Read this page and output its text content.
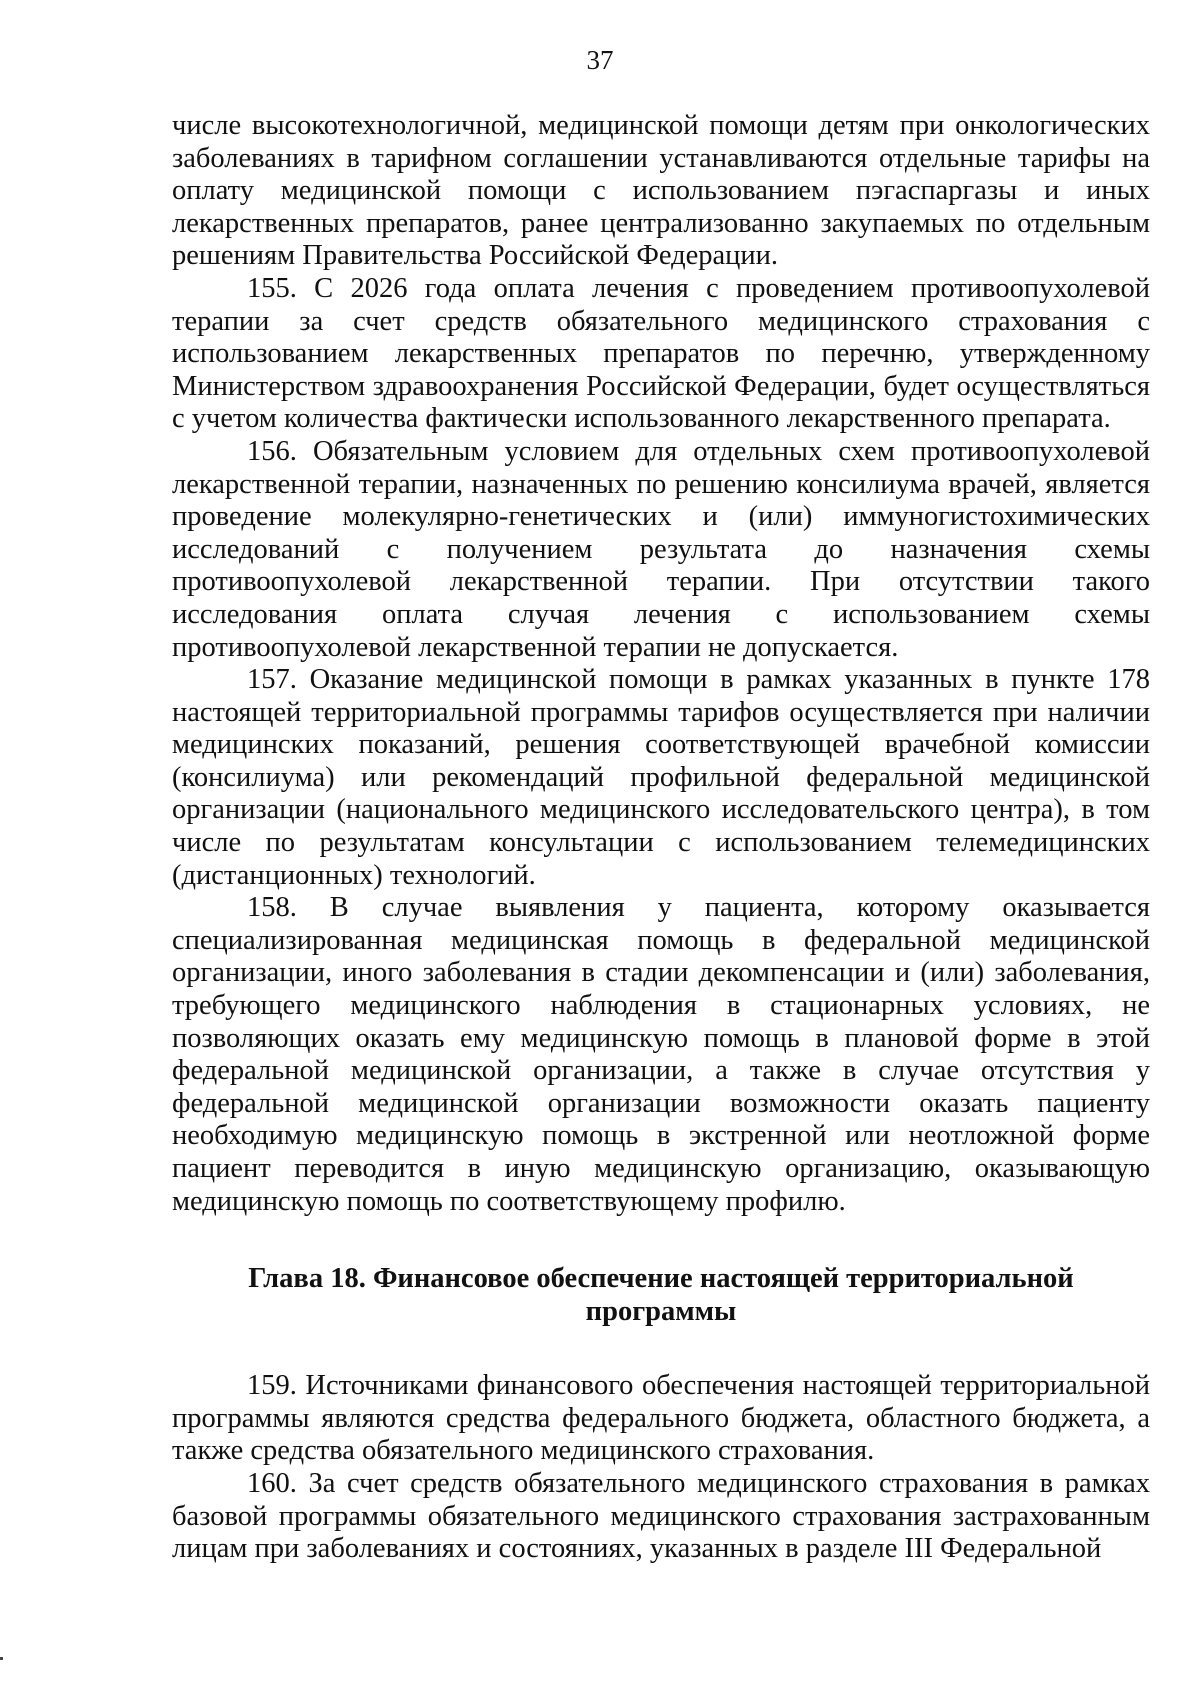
37

числе высокотехнологичной, медицинской помощи детям при онкологических заболеваниях в тарифном соглашении устанавливаются отдельные тарифы на оплату медицинской помощи с использованием пэгаспаргазы и иных лекарственных препаратов, ранее централизованно закупаемых по отдельным решениям Правительства Российской Федерации.

155. С 2026 года оплата лечения с проведением противоопухолевой терапии за счет средств обязательного медицинского страхования с использованием лекарственных препаратов по перечню, утвержденному Министерством здравоохранения Российской Федерации, будет осуществляться с учетом количества фактически использованного лекарственного препарата.

156. Обязательным условием для отдельных схем противоопухолевой лекарственной терапии, назначенных по решению консилиума врачей, является проведение молекулярно-генетических и (или) иммуногистохимических исследований с получением результата до назначения схемы противоопухолевой лекарственной терапии. При отсутствии такого исследования оплата случая лечения с использованием схемы противоопухолевой лекарственной терапии не допускается.

157. Оказание медицинской помощи в рамках указанных в пункте 178 настоящей территориальной программы тарифов осуществляется при наличии медицинских показаний, решения соответствующей врачебной комиссии (консилиума) или рекомендаций профильной федеральной медицинской организации (национального медицинского исследовательского центра), в том числе по результатам консультации с использованием телемедицинских (дистанционных) технологий.

158. В случае выявления у пациента, которому оказывается специализированная медицинская помощь в федеральной медицинской организации, иного заболевания в стадии декомпенсации и (или) заболевания, требующего медицинского наблюдения в стационарных условиях, не позволяющих оказать ему медицинскую помощь в плановой форме в этой федеральной медицинской организации, а также в случае отсутствия у федеральной медицинской организации возможности оказать пациенту необходимую медицинскую помощь в экстренной или неотложной форме пациент переводится в иную медицинскую организацию, оказывающую медицинскую помощь по соответствующему профилю.

Глава 18. Финансовое обеспечение настоящей территориальной программы

159. Источниками финансового обеспечения настоящей территориальной программы являются средства федерального бюджета, областного бюджета, а также средства обязательного медицинского страхования.

160. За счет средств обязательного медицинского страхования в рамках базовой программы обязательного медицинского страхования застрахованным лицам при заболеваниях и состояниях, указанных в разделе III Федеральной
